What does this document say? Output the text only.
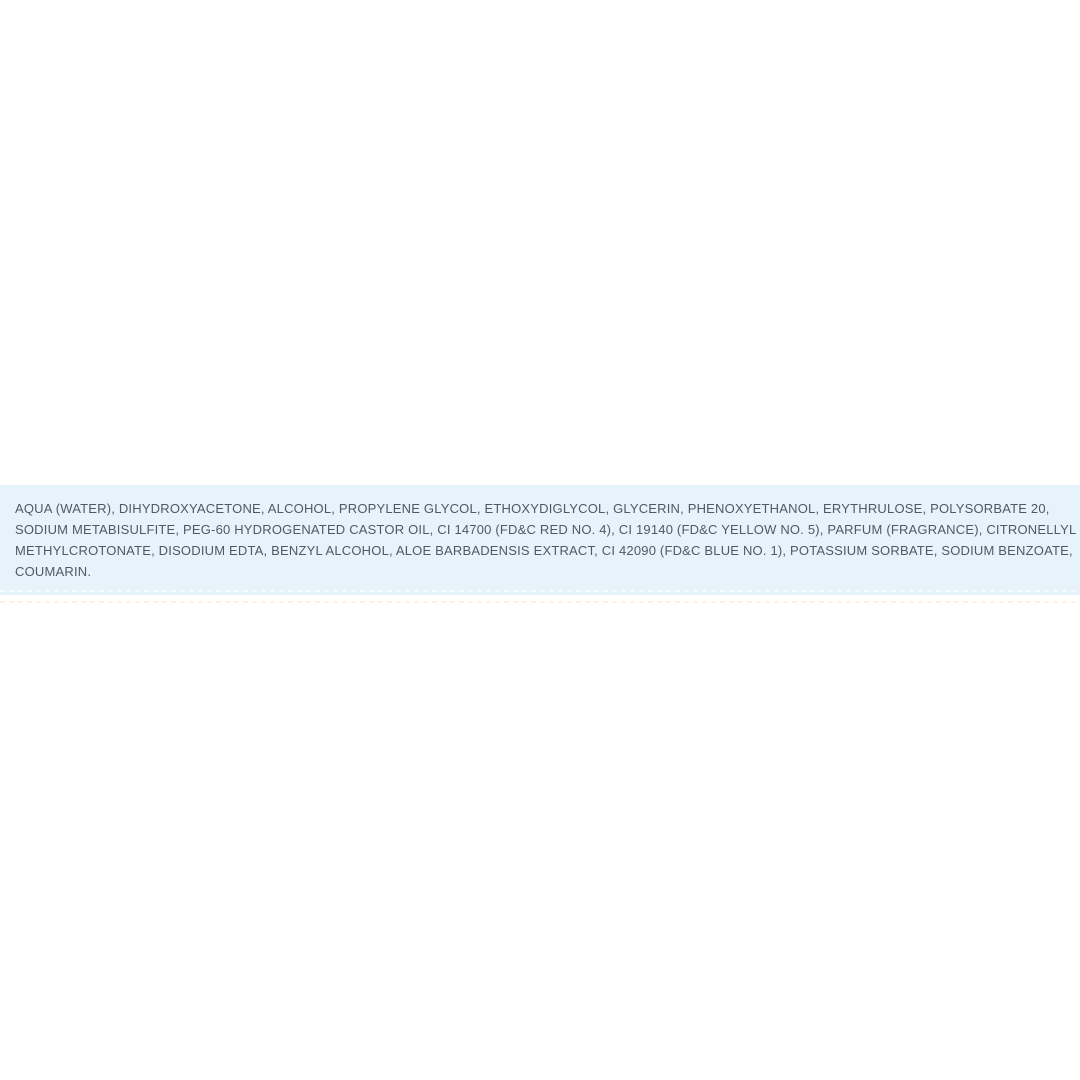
AQUA (WATER), DIHYDROXYACETONE, ALCOHOL, PROPYLENE GLYCOL, ETHOXYDIGLYCOL, GLYCERIN, PHENOXYETHANOL, ERYTHRULOSE, POLYSORBATE 20,
SODIUM METABISULFITE, PEG-60 HYDROGENATED CASTOR OIL, CI 14700 (FD&C RED NO. 4), CI 19140 (FD&C YELLOW NO. 5), PARFUM (FRAGRANCE), CITRONELLYL
METHYLCROTONATE, DISODIUM EDTA, BENZYL ALCOHOL, ALOE BARBADENSIS EXTRACT, CI 42090 (FD&C BLUE NO. 1), POTASSIUM SORBATE, SODIUM BENZOATE,
COUMARIN.
